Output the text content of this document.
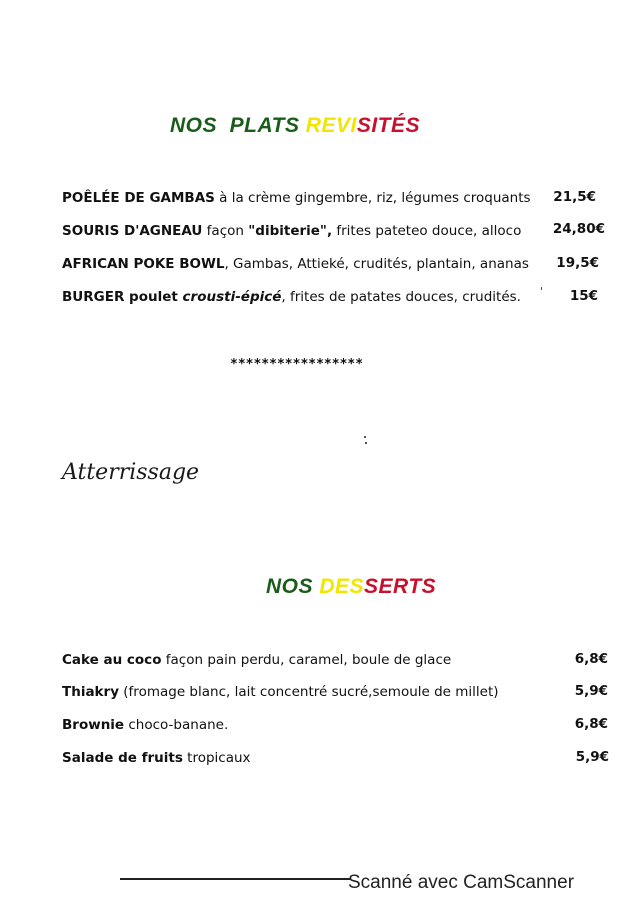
NOS  PLATS REVISITÉS
POÊLÉE DE GAMBAS à la crème gingembre, riz, légumes croquants	21,5€
SOURIS D'AGNEAU façon "dibiterie", frites pateteo douce, alloco	24,80€
AFRICAN POKE BOWL, Gambas, Attieké, crudités, plantain, ananas	19,5€
BURGER poulet crousti-épicé, frites de patates douces, crudités.	15€
*****************
Atterrissage
NOS DESSERTS
Cake au coco façon pain perdu, caramel, boule de glace	6,8€
Thiakry (fromage blanc, lait concentré sucré,semoule de millet)	5,9€
Brownie choco-banane.	6,8€
Salade de fruits tropicaux	5,9€
Scanné avec CamScanner
